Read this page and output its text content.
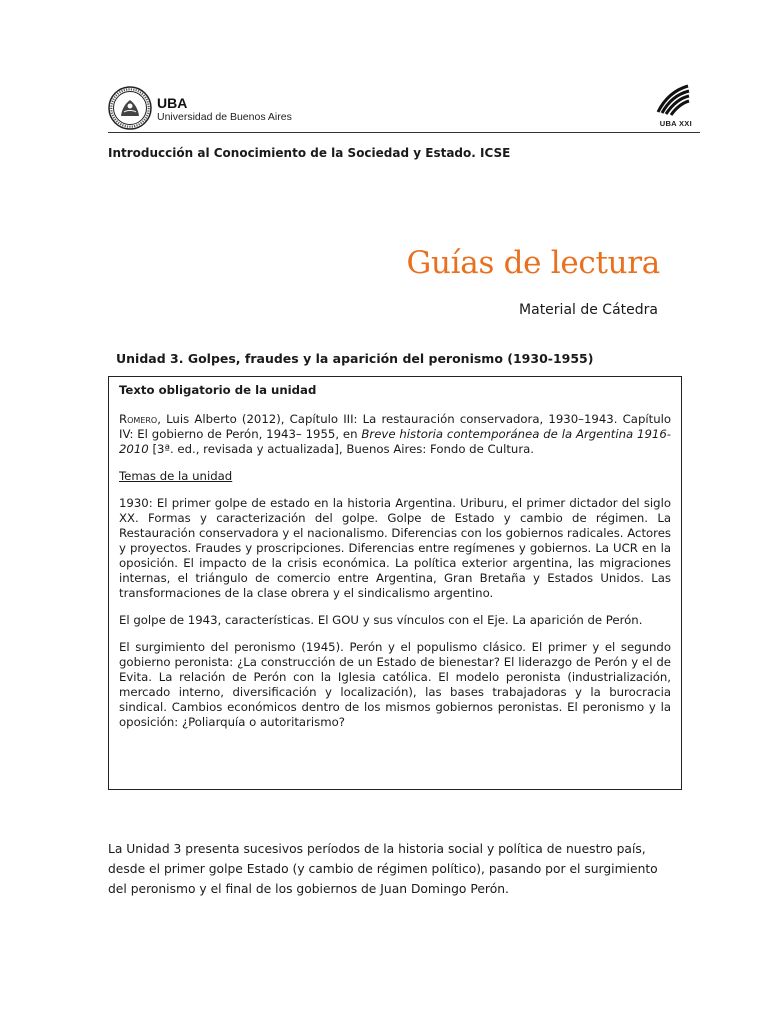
UBA
Universidad de Buenos Aires
UBA XXI
Introducción al Conocimiento de la Sociedad y Estado. ICSE
Guías de lectura
Material de Cátedra
Unidad 3. Golpes, fraudes y la aparición del peronismo (1930-1955)
Texto obligatorio de la unidad

Romero, Luis Alberto (2012), Capítulo III: La restauración conservadora, 1930–1943. Capítulo IV: El gobierno de Perón, 1943– 1955, en Breve historia contemporánea de la Argentina 1916-2010 [3ª. ed., revisada y actualizada], Buenos Aires: Fondo de Cultura.

Temas de la unidad

1930: El primer golpe de estado en la historia Argentina. Uriburu, el primer dictador del siglo XX. Formas y caracterización del golpe. Golpe de Estado y cambio de régimen. La Restauración conservadora y el nacionalismo. Diferencias con los gobiernos radicales. Actores y proyectos. Fraudes y proscripciones. Diferencias entre regímenes y gobiernos. La UCR en la oposición. El impacto de la crisis económica. La política exterior argentina, las migraciones internas, el triángulo de comercio entre Argentina, Gran Bretaña y Estados Unidos. Las transformaciones de la clase obrera y el sindicalismo argentino.

El golpe de 1943, características. El GOU y sus vínculos con el Eje. La aparición de Perón.

El surgimiento del peronismo (1945). Perón y el populismo clásico. El primer y el segundo gobierno peronista: ¿La construcción de un Estado de bienestar? El liderazgo de Perón y el de Evita. La relación de Perón con la Iglesia católica. El modelo peronista (industrialización, mercado interno, diversificación y localización), las bases trabajadoras y la burocracia sindical. Cambios económicos dentro de los mismos gobiernos peronistas. El peronismo y la oposición: ¿Poliarquía o autoritarismo?

La Unidad 3 presenta sucesivos períodos de la historia social y política de nuestro país, desde el primer golpe Estado (y cambio de régimen político), pasando por el surgimiento del peronismo y el final de los gobiernos de Juan Domingo Perón.
